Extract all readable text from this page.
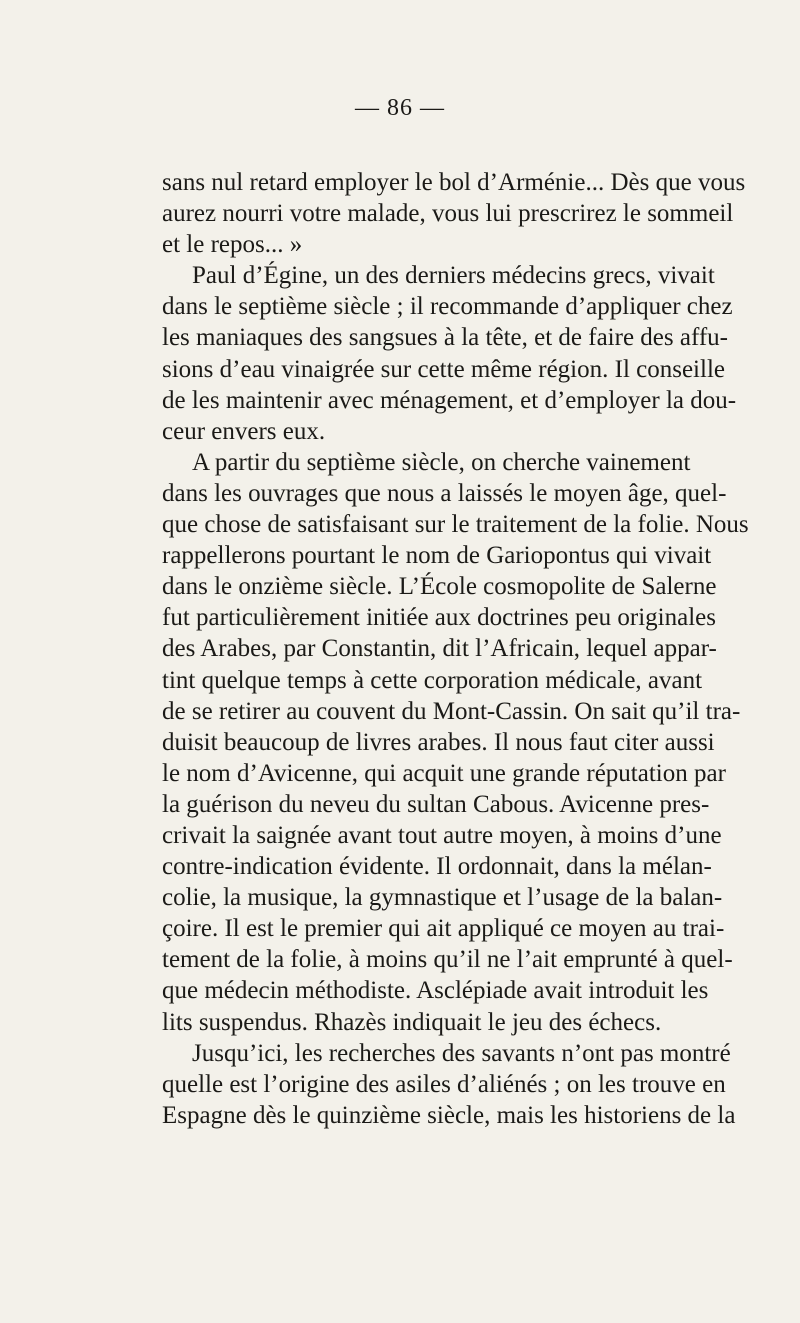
— 86 —
sans nul retard employer le bol d’Arménie... Dès que vous
aurez nourri votre malade, vous lui prescrirez le sommeil
et le repos... »
Paul d’Égine, un des derniers médecins grecs, vivait
dans le septième siècle ; il recommande d’appliquer chez
les maniaques des sangsues à la tête, et de faire des affu-
sions d’eau vinaigrée sur cette même région. Il conseille
de les maintenir avec ménagement, et d’employer la dou-
ceur envers eux.
A partir du septième siècle, on cherche vainement
dans les ouvrages que nous a laissés le moyen âge, quel-
que chose de satisfaisant sur le traitement de la folie. Nous
rappellerons pourtant le nom de Gariopontus qui vivait
dans le onzième siècle. L’École cosmopolite de Salerne
fut particulièrement initiée aux doctrines peu originales
des Arabes, par Constantin, dit l’Africain, lequel appar-
tint quelque temps à cette corporation médicale, avant
de se retirer au couvent du Mont-Cassin. On sait qu’il tra-
duisit beaucoup de livres arabes. Il nous faut citer aussi
le nom d’Avicenne, qui acquit une grande réputation par
la guérison du neveu du sultan Cabous. Avicenne pres-
crivait la saignée avant tout autre moyen, à moins d’une
contre-indication évidente. Il ordonnait, dans la mélan-
colie, la musique, la gymnastique et l’usage de la balan-
çoire. Il est le premier qui ait appliqué ce moyen au trai-
tement de la folie, à moins qu’il ne l’ait emprunté à quel-
que médecin méthodiste. Asclépiade avait introduit les
lits suspendus. Rhazès indiquait le jeu des échecs.
Jusqu’ici, les recherches des savants n’ont pas montré
quelle est l’origine des asiles d’aliénés ; on les trouve en
Espagne dès le quinzième siècle, mais les historiens de la
